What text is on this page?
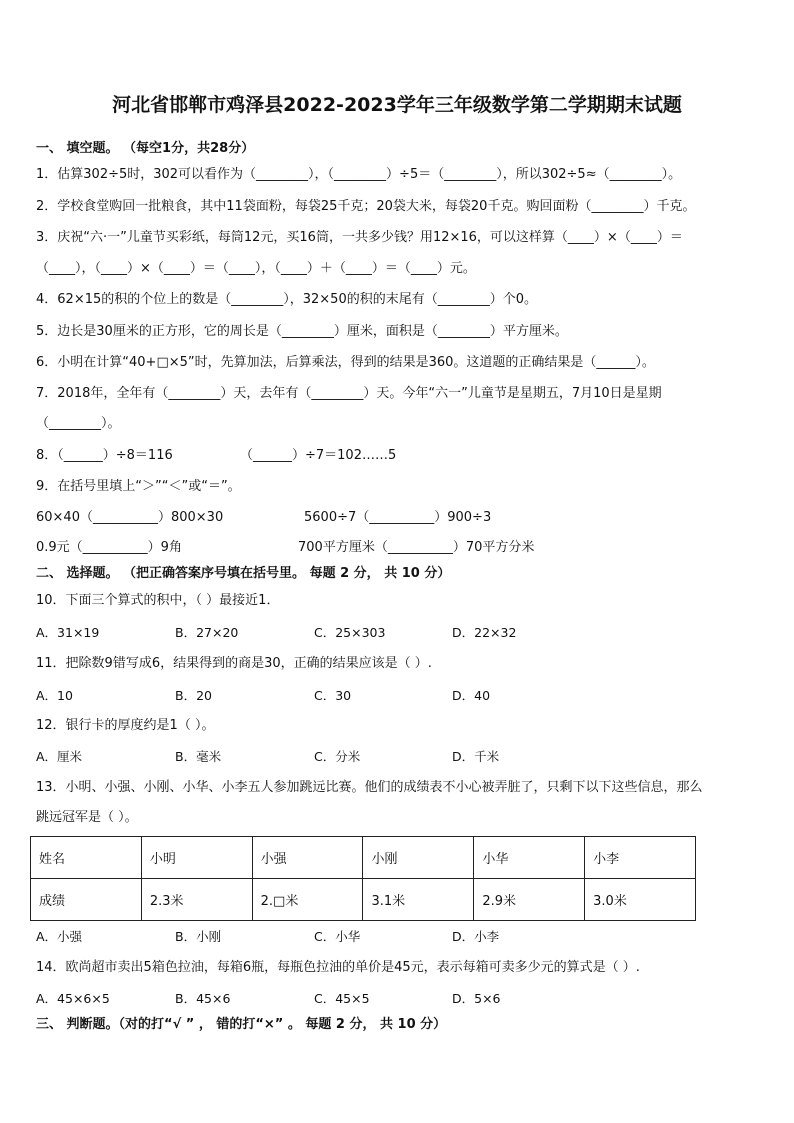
河北省邯郸市鸡泽县2022-2023学年三年级数学第二学期期末试题
一、 填空题。 （每空1分，共28分）
1．估算302÷5时，302可以看作为（________），（________）÷5＝（________），所以302÷5≈（________）。
2．学校食堂购回一批粮食，其中11袋面粉，每袋25千克；20袋大米，每袋20千克。购回面粉（________）千克。
3．庆祝“六·一”儿童节买彩纸，每筒12元，买16筒，一共多少钱？用12×16，可以这样算（____）×（____）＝
（____），（____）×（____）＝（____），（____）＋（____）＝（____）元。
4．62×15的积的个位上的数是（________），32×50的积的末尾有（________）个0。
5．边长是30厘米的正方形，它的周长是（________）厘米，面积是（________）平方厘米。
6．小明在计算“40+□×5”时，先算加法，后算乘法，得到的结果是360。这道题的正确结果是（______）。
7．2018年，全年有（________）天，去年有（________）天。今年“六一”儿童节是星期五，7月10日是星期
（________）。
8．（______）÷8＝116	（______）÷7＝102……5
9．在括号里填上“＞”“＜”或“＝”。
60×40（__________）800×30	5600÷7（__________）900÷3
0.9元（__________）9角	700平方厘米（__________）70平方分米
二、 选择题。 （把正确答案序号填在括号里。 每题 2 分， 共 10 分）
10．下面三个算式的积中，（ ）最接近1．
A．31×19	B．27×20	C．25×303	D．22×32
11．把除数9错写成6，结果得到的商是30，正确的结果应该是（ ）.
A．10	B．20	C．30	D．40
12．银行卡的厚度约是1（ ）。
A．厘米	B．毫米	C．分米	D．千米
13．小明、小强、小刚、小华、小李五人参加跳远比赛。他们的成绩表不小心被弄脏了，只剩下以下这些信息，那么
跳远冠军是（ ）。
姓名	小明	小强	小刚	小华	小李
成绩	2.3米	2.□米	3.1米	2.9米	3.0米
A．小强	B．小刚	C．小华	D．小李
14．欧尚超市卖出5箱色拉油，每箱6瓶，每瓶色拉油的单价是45元，表示每箱可卖多少元的算式是（ ）.
A．45×6×5	B．45×6	C．45×5	D．5×6
三、 判断题。（对的打“√ ” ， 错的打“×” 。 每题 2 分， 共 10 分）
